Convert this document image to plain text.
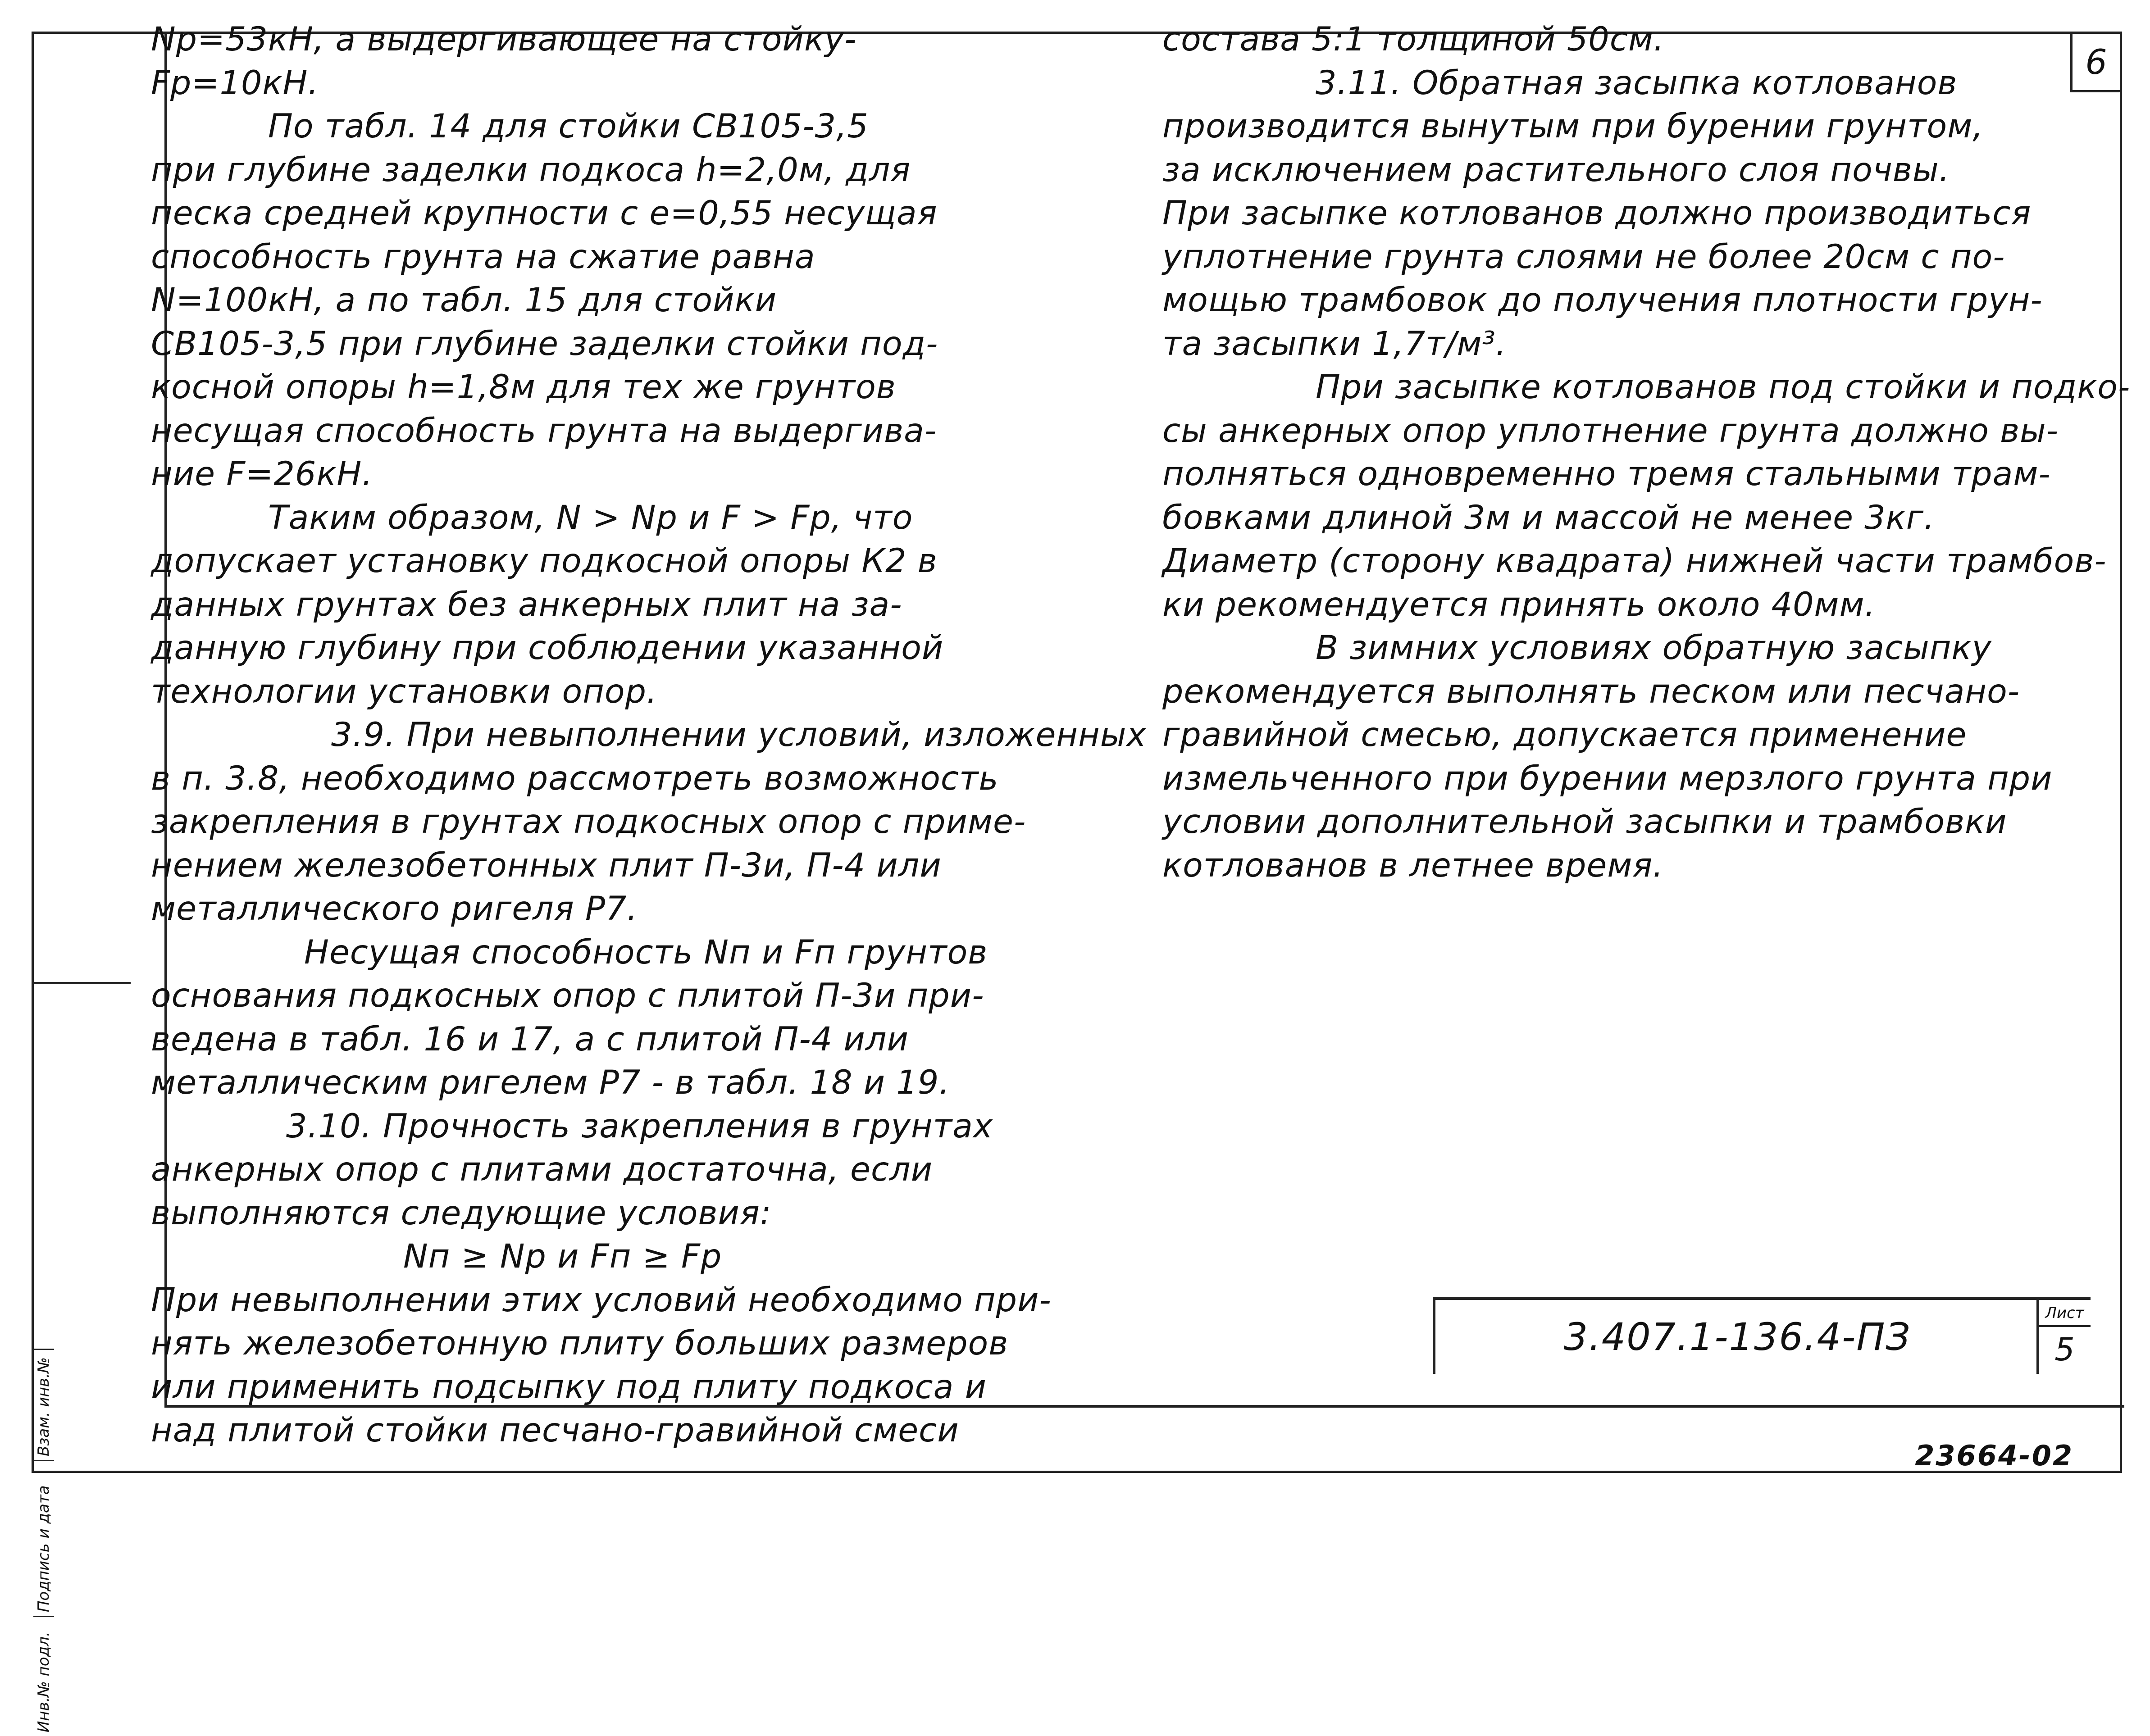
6
Nр=53кН, а выдергивающее на стойку-
Fр=10кН.
По табл. 14 для стойки СВ105-3,5
при глубине заделки подкоса h=2,0м, для
песка средней крупности с е=0,55 несущая
способность грунта на сжатие равна
N=100кН, а по табл. 15 для стойки
СВ105-3,5 при глубине заделки стойки под-
косной опоры h=1,8м для тех же грунтов
несущая способность грунта на выдергива-
ние F=26кН.
Таким образом, N > Nр и F > Fр, что
допускает установку подкосной опоры К2 в
данных грунтах без анкерных плит на за-
данную глубину при соблюдении указанной
технологии установки опор.
3.9. При невыполнении условий, изложенных
в п. 3.8, необходимо рассмотреть возможность
закрепления в грунтах подкосных опор с приме-
нением железобетонных плит П-3и, П-4 или
металлического ригеля Р7.
Несущая способность Nп и Fп грунтов
основания подкосных опор с плитой П-3и при-
ведена в табл. 16 и 17, а с плитой П-4 или
металлическим ригелем Р7 - в табл. 18 и 19.
3.10. Прочность закрепления в грунтах
анкерных опор с плитами достаточна, если
выполняются следующие условия:
Nп ≥ Nр и Fп ≥ Fр
При невыполнении этих условий необходимо при-
нять железобетонную плиту больших размеров
или применить подсыпку под плиту подкоса и
над плитой стойки песчано-гравийной смеси
состава 5:1 толщиной 50см.
3.11. Обратная засыпка котлованов
производится вынутым при бурении грунтом,
за исключением растительного слоя почвы.
При засыпке котлованов должно производиться
уплотнение грунта слоями не более 20см с по-
мощью трамбовок до получения плотности грун-
та засыпки 1,7т/м³.
При засыпке котлованов под стойки и подко-
сы анкерных опор уплотнение грунта должно вы-
полняться одновременно тремя стальными трам-
бовками длиной 3м и массой не менее 3кг.
Диаметр (сторону квадрата) нижней части трамбов-
ки рекомендуется принять около 40мм.
В зимних условиях обратную засыпку
рекомендуется выполнять песком или песчано-
гравийной смесью, допускается применение
измельченного при бурении мерзлого грунта при
условии дополнительной засыпки и трамбовки
котлованов в летнее время.
3.407.1-136.4-ПЗ
Лист
5
Инв.№ подл.
Подпись и дата
Взам. инв.№	23664-02
